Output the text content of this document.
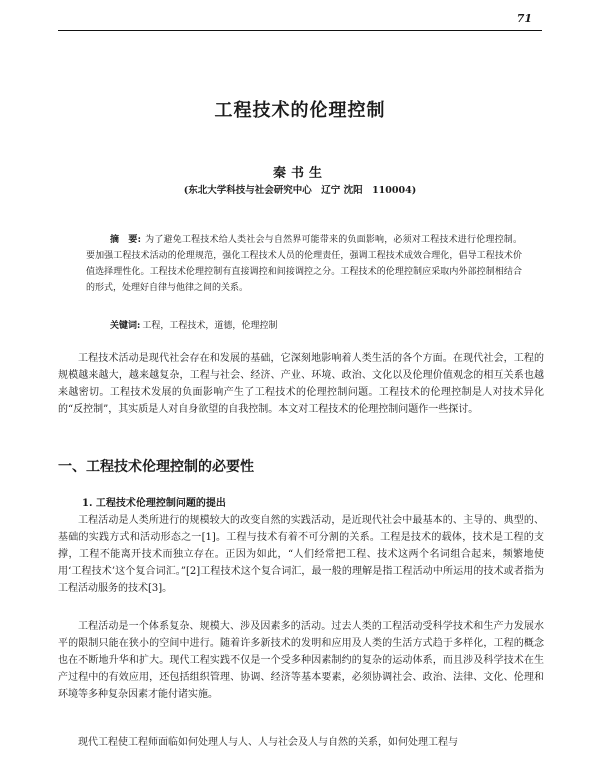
71
工程技术的伦理控制
秦书生
(东北大学科技与社会研究中心　辽宁 沈阳　110004)
摘　要: 为了避免工程技术给人类社会与自然界可能带来的负面影响，必须对工程技术进行伦理控制。要加强工程技术活动的伦理规范，强化工程技术人员的伦理责任，强调工程技术成效合理化，倡导工程技术价值选择理性化。工程技术伦理控制有直接调控和间接调控之分。工程技术的伦理控制应采取内外部控制相结合的形式，处理好自律与他律之间的关系。
关键词: 工程，工程技术，道德，伦理控制

工程技术活动是现代社会存在和发展的基础，它深刻地影响着人类生活的各个方面。在现代社会，工程的规模越来越大，越来越复杂，工程与社会、经济、产业、环境、政治、文化以及伦理价值观念的相互关系也越来越密切。工程技术发展的负面影响产生了工程技术的伦理控制问题。工程技术的伦理控制是人对技术异化的“反控制”，其实质是人对自身欲望的自我控制。本文对工程技术的伦理控制问题作一些探讨。

一、工程技术伦理控制的必要性
1. 工程技术伦理控制问题的提出

工程活动是人类所进行的规模较大的改变自然的实践活动，是近现代社会中最基本的、主导的、典型的、基础的实践方式和活动形态之一[1]。工程与技术有着不可分割的关系。工程是技术的载体，技术是工程的支撑，工程不能离开技术而独立存在。正因为如此，“人们经常把工程、技术这两个名词组合起来，频繁地使用‘工程技术’这个复合词汇。”[2]工程技术这个复合词汇，最一般的理解是指工程活动中所运用的技术或者指为工程活动服务的技术[3]。

工程活动是一个体系复杂、规模大、涉及因素多的活动。过去人类的工程活动受科学技术和生产力发展水平的限制只能在狭小的空间中进行。随着许多新技术的发明和应用及人类的生活方式趋于多样化，工程的概念也在不断地升华和扩大。现代工程实践不仅是一个受多种因素制约的复杂的运动体系，而且涉及科学技术在生产过程中的有效应用，还包括组织管理、协调、经济等基本要素，必须协调社会、政治、法律、文化、伦理和环境等多种复杂因素才能付诸实施。

现代工程使工程师面临如何处理人与人、人与社会及人与自然的关系，如何处理工程与
